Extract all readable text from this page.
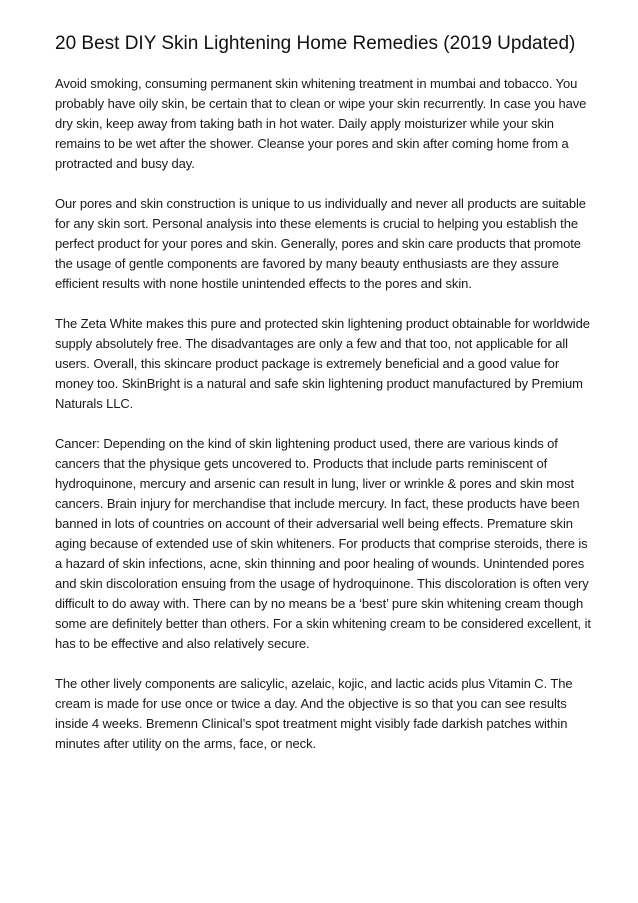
20 Best DIY Skin Lightening Home Remedies (2019 Updated)

Avoid smoking, consuming permanent skin whitening treatment in mumbai and tobacco. You probably have oily skin, be certain that to clean or wipe your skin recurrently. In case you have dry skin, keep away from taking bath in hot water. Daily apply moisturizer while your skin remains to be wet after the shower. Cleanse your pores and skin after coming home from a protracted and busy day.

Our pores and skin construction is unique to us individually and never all products are suitable for any skin sort. Personal analysis into these elements is crucial to helping you establish the perfect product for your pores and skin. Generally, pores and skin care products that promote the usage of gentle components are favored by many beauty enthusiasts are they assure efficient results with none hostile unintended effects to the pores and skin.

The Zeta White makes this pure and protected skin lightening product obtainable for worldwide supply absolutely free. The disadvantages are only a few and that too, not applicable for all users. Overall, this skincare product package is extremely beneficial and a good value for money too. SkinBright is a natural and safe skin lightening product manufactured by Premium Naturals LLC.

Cancer: Depending on the kind of skin lightening product used, there are various kinds of cancers that the physique gets uncovered to. Products that include parts reminiscent of hydroquinone, mercury and arsenic can result in lung, liver or wrinkle & pores and skin most cancers. Brain injury for merchandise that include mercury. In fact, these products have been banned in lots of countries on account of their adversarial well being effects. Premature skin aging because of extended use of skin whiteners. For products that comprise steroids, there is a hazard of skin infections, acne, skin thinning and poor healing of wounds. Unintended pores and skin discoloration ensuing from the usage of hydroquinone. This discoloration is often very difficult to do away with. There can by no means be a ‘best’ pure skin whitening cream though some are definitely better than others. For a skin whitening cream to be considered excellent, it has to be effective and also relatively secure.

The other lively components are salicylic, azelaic, kojic, and lactic acids plus Vitamin C. The cream is made for use once or twice a day. And the objective is so that you can see results inside 4 weeks. Bremenn Clinical’s spot treatment might visibly fade darkish patches within minutes after utility on the arms, face, or neck.
